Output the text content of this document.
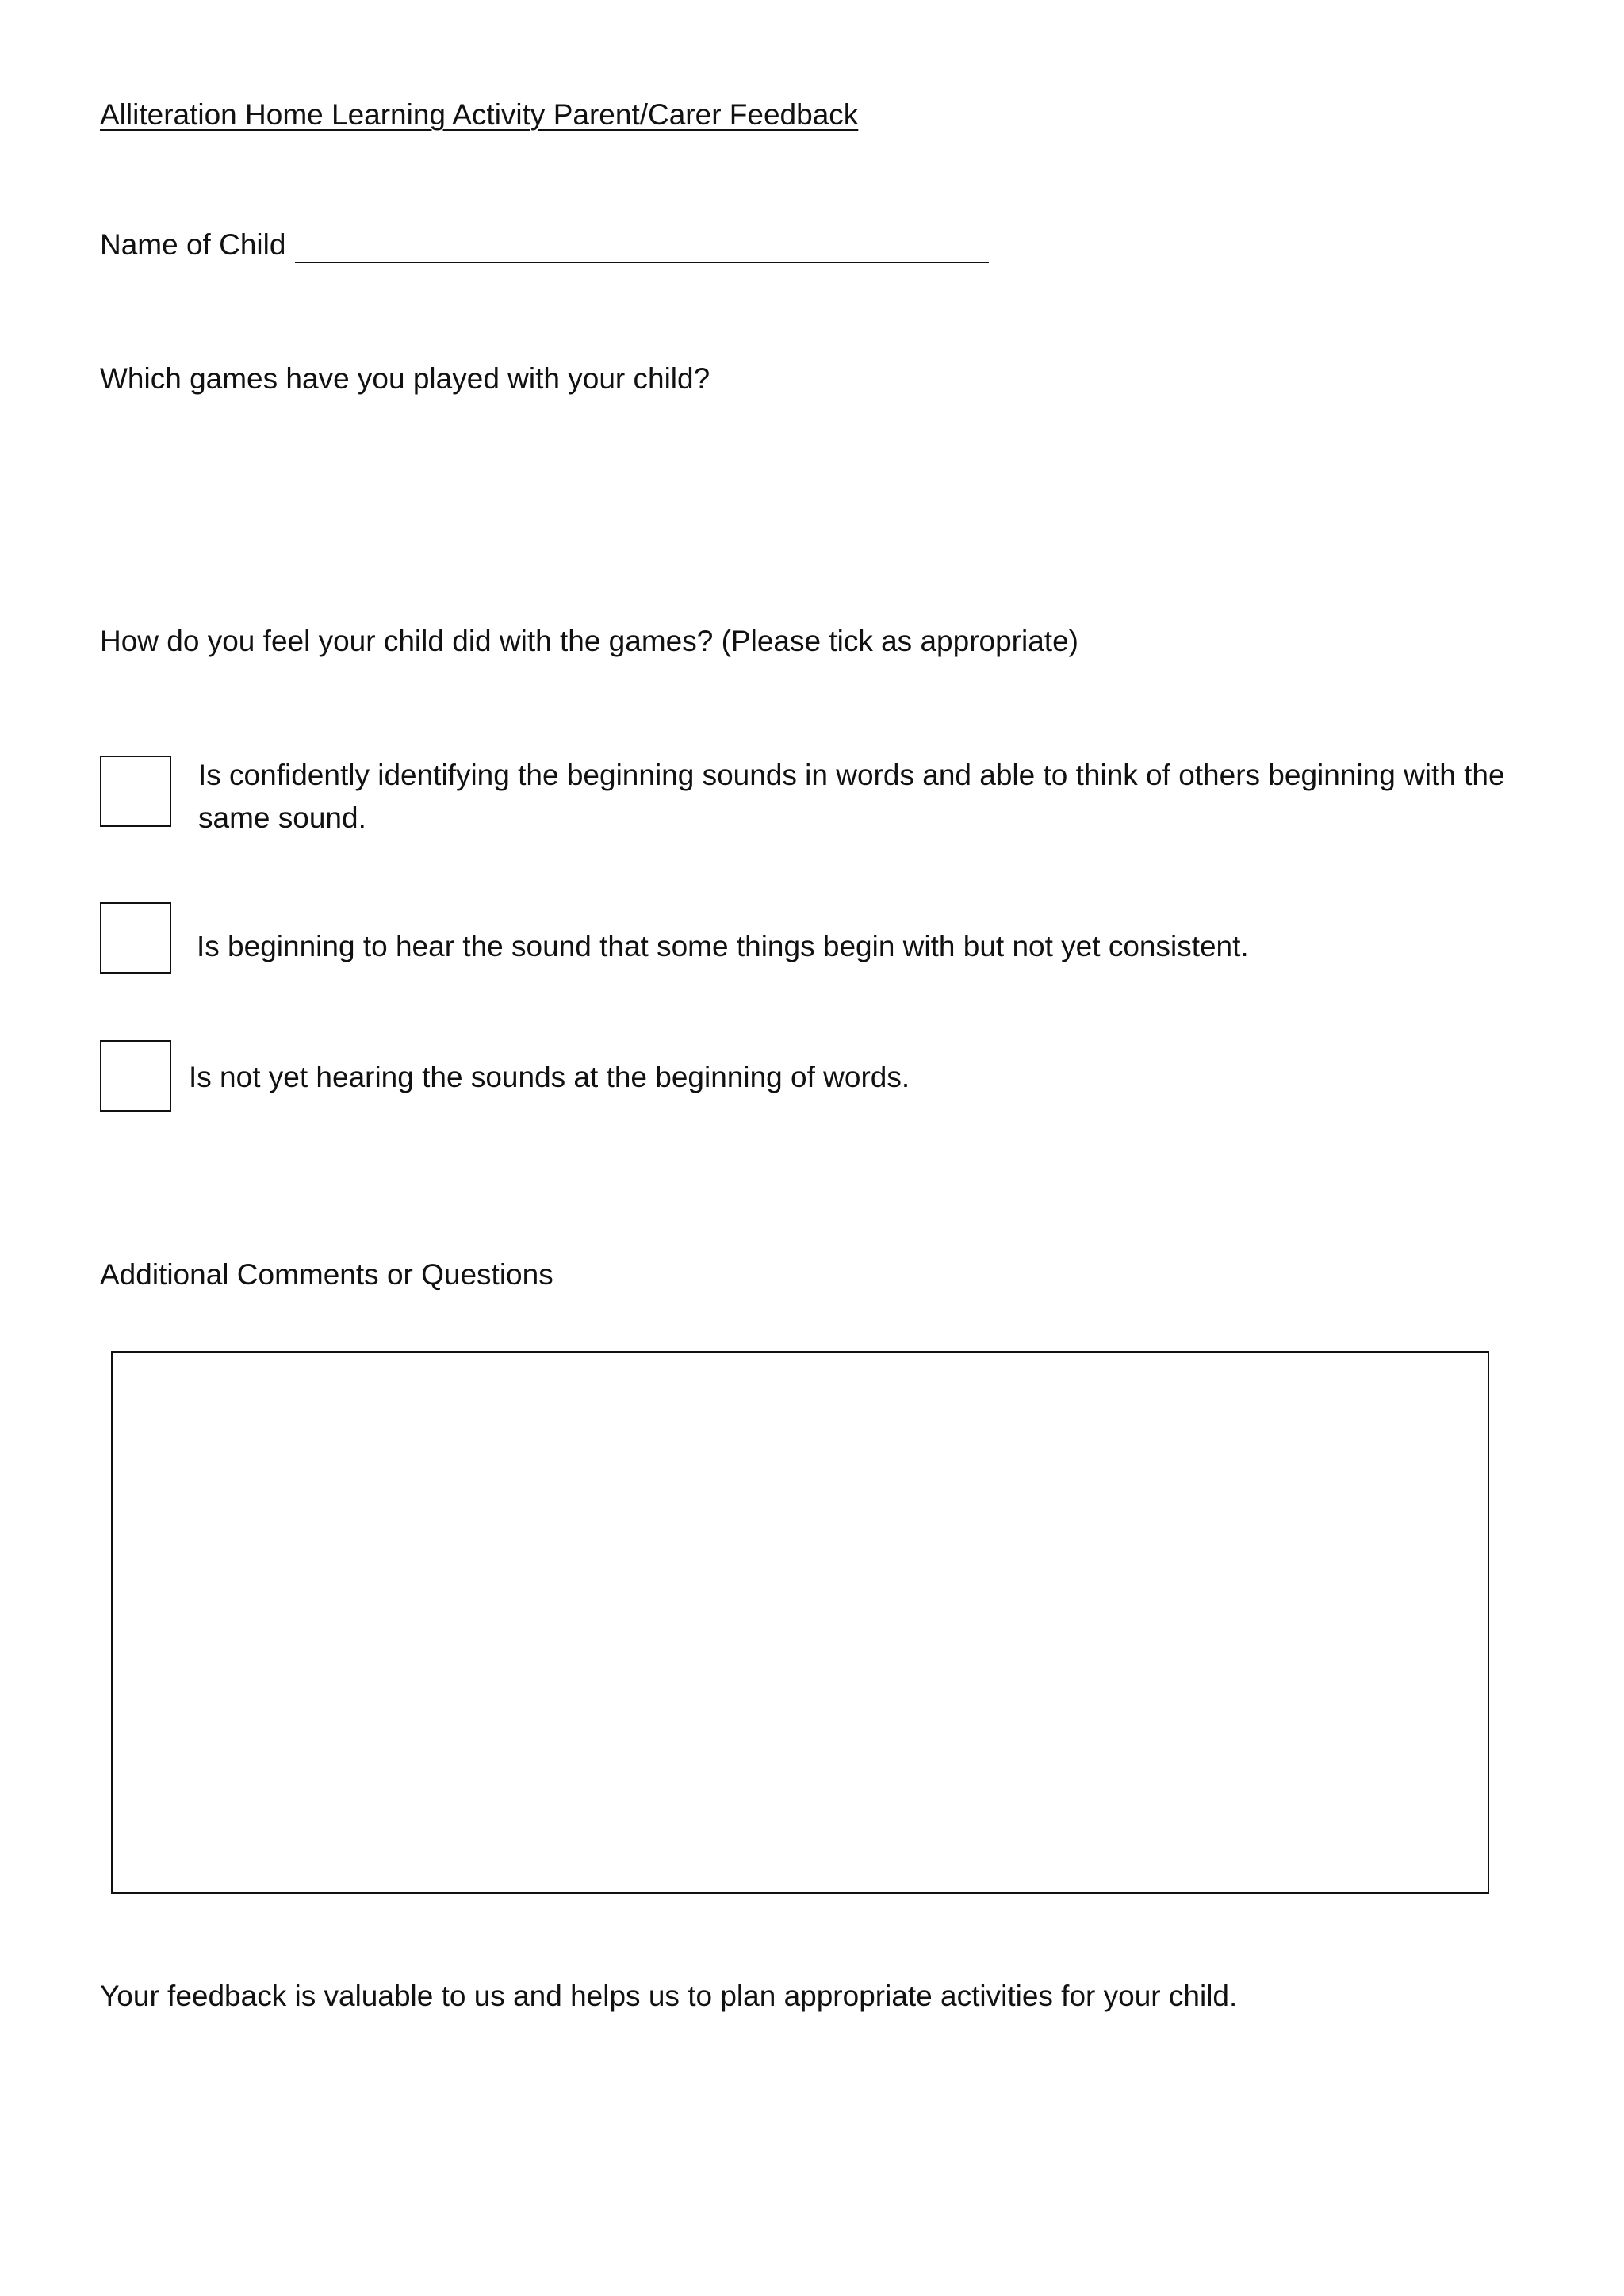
Alliteration Home Learning Activity Parent/Carer Feedback
Name of Child
Which games have you played with your child?
How do you feel your child did with the games? (Please tick as appropriate)
Is confidently identifying the beginning sounds in words and able to think of others beginning with the same sound.
Is beginning to hear the sound that some things begin with but not yet consistent.
Is not yet hearing the sounds at the beginning of words.
Additional Comments or Questions
Your feedback is valuable to us and helps us to plan appropriate activities for your child.
